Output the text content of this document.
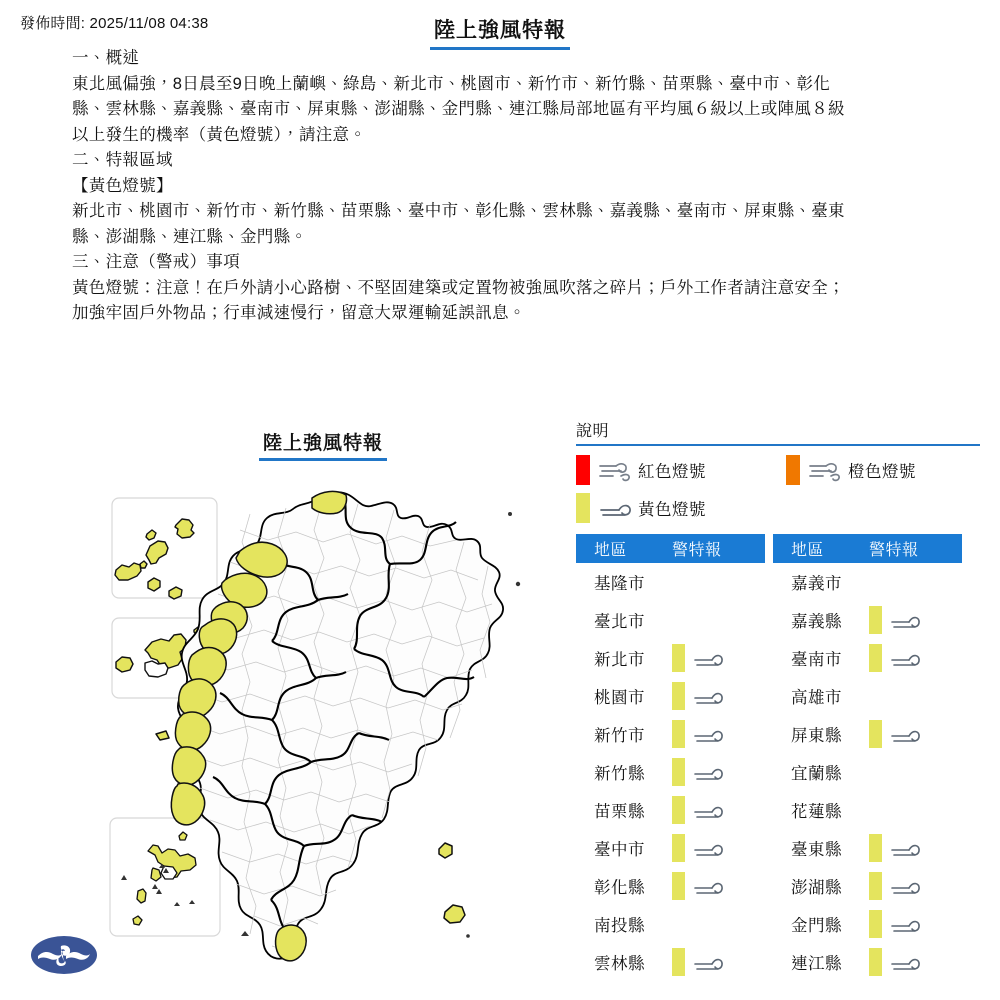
發佈時間: 2025/11/08 04:38	陸上強風特報

一、概述

東北風偏強，8日晨至9日晚上蘭嶼、綠島、新北市、桃園市、新竹市、新竹縣、苗栗縣、臺中市、彰化

縣、雲林縣、嘉義縣、臺南市、屏東縣、澎湖縣、金門縣、連江縣局部地區有平均風６級以上或陣風８級

以上發生的機率（黃色燈號），請注意。

二、特報區域

【黃色燈號】

新北市、桃園市、新竹市、新竹縣、苗栗縣、臺中市、彰化縣、雲林縣、嘉義縣、臺南市、屏東縣、臺東

縣、澎湖縣、連江縣、金門縣。

三、注意（警戒）事項

黃色燈號：注意！在戶外請小心路樹、不堅固建築或定置物被強風吹落之碎片；戶外工作者請注意安全；

加強牢固戶外物品；行車減速慢行，留意大眾運輸延誤訊息。

陸上強風特報
說明
紅色燈號	橙色燈號
黃色燈號
地區	警特報
基隆市
臺北市
新北市
桃園市
新竹市
新竹縣
苗栗縣
臺中市
彰化縣
南投縣
雲林縣
地區	警特報
嘉義市
嘉義縣
臺南市
高雄市
屏東縣
宜蘭縣
花蓮縣
臺東縣
澎湖縣
金門縣
連江縣
